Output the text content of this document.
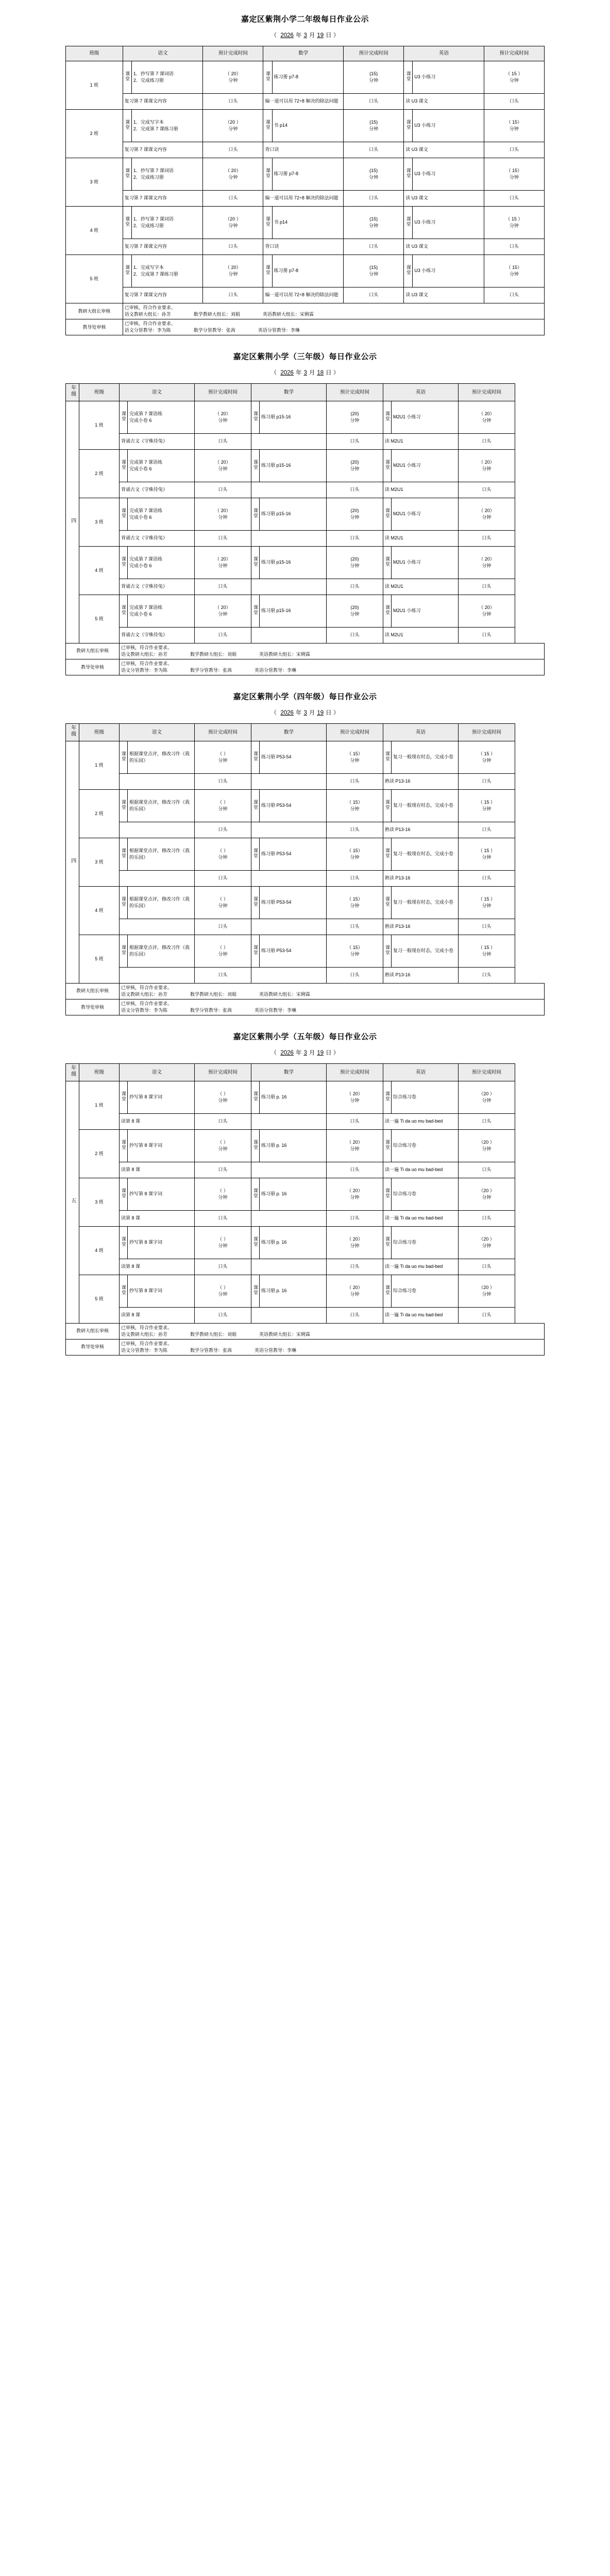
嘉定区紫荆小学二年级每日作业公示
（ 2026 年 3 月 19 日 ）
班级	语文		预计完成时间	数学		预计完成时间	英语		预计完成时间
1 班	课堂	1．抄写第 7 课词语
2．完成练习册	（ 20）
分钟	课堂	练习册 p7-8	(15)
分钟	课堂	U3 小练习	（ 15 ）
分钟
	复习第 7 课课文内容		口头	编一道可以用 72÷8 解决的除法问题		口头	读 U3 课文		口头
2 班	课堂	1．完成写字本
2．完成第 7 课练习册	（20 ）
分钟	课堂	书 p14	(15)
分钟	课堂	U3 小练习	（ 15）
分钟
	复习第 7 课课文内容		口头	背口诀		口头	读 U3 课文		口头
3 班	课堂	1．抄写第 7 课词语
2．完成练习册	（ 20）
分钟	课堂	练习册 p7-8	(15)
分钟	课堂	U3 小练习	（ 15）
分钟
	复习第 7 课课文内容		口头	编一道可以用 72÷8 解决的除法问题		口头	读 U3 课文		口头
4 班	课堂	1．抄写第 7 课词语
2．完成练习册	（20 ）
分钟	课堂	书 p14	(15)
分钟	课堂	U3 小练习	（ 15 ）
分钟
	复习第 7 课课文内容		口头	背口诀		口头	读 U3 课文		口头
5 班	课堂	1．完成写字本
2．完成第 7 课练习册	（ 20）
分钟	课堂	练习册 p7-8	(15)
分钟	课堂	U3 小练习	（ 15）
分钟
	复习第 7 课课文内容		口头	编一道可以用 72÷8 解决的除法问题		口头	读 U3 课文		口头
教研大组长审核	已审核，符合作业要求。
语文教研大组长：孙芳 数学教研大组长：刘娟 英语教研大组长：宋俐霖								

教导处审核	已审核，符合作业要求。
语文分管教导：李为陈 数学分管教导：张茜 英语分管教导：李琳								
嘉定区紫荆小学（三年级）每日作业公示
（ 2026 年 3 月 18 日 ）
年级	班级	语文		预计完成时间	数学		预计完成时间	英语		预计完成时间
四	1 班	课堂	完成第 7 课语练
完成小卷 6	（ 20）
分钟	课堂	练习册 p15-16	(20)
分钟	课堂	M2U1 小练习	（ 20）
分钟
		背诵古文《守株待兔》		口头			口头	读 M2U1		口头
	2 班	课堂	完成第 7 课语练
完成小卷 6	（ 20）
分钟	课堂	练习册 p15-16	(20)
分钟	课堂	M2U1 小练习	（ 20）
分钟
		背诵古文《守株待兔》		口头			口头	读 M2U1		口头
	3 班	课堂	完成第 7 课语练
完成小卷 6	（ 20）
分钟	课堂	练习册 p15-16	(20)
分钟	课堂	M2U1 小练习	（ 20）
分钟
		背诵古文《守株待兔》		口头			口头	读 M2U1		口头
	4 班	课堂	完成第 7 课语练
完成小卷 6	（ 20）
分钟	课堂	练习册 p15-16	(20)
分钟	课堂	M2U1 小练习	（ 20）
分钟
		背诵古文《守株待兔》		口头			口头	读 M2U1		口头
	5 班	课堂	完成第 7 课语练
完成小卷 6	（ 20）
分钟	课堂	练习册 p15-16	(20)
分钟	课堂	M2U1 小练习	（ 20）
分钟
		背诵古文《守株待兔》		口头			口头	读 M2U1		口头
教研大组长审核		已审核，符合作业要求。
语文教研大组长：孙芳 数学教研大组长：刘娟 英语教研大组长：宋俐霖								

教导处审核		已审核，符合作业要求。
语文分管教导：李为陈 数学分管教导：张茜 英语分管教导：李琳								
嘉定区紫荆小学（四年级）每日作业公示
（ 2026 年 3 月 19 日 ）
年级	班级	语文		预计完成时间	数学		预计完成时间	英语		预计完成时间
四	1 班	课堂	根据课堂点评，修改习作《我的乐园》	（ ）
分钟	课堂	练习册 P53-54	（ 15）
分钟	课堂	复习一般现在时态，完成小卷	（ 15 ）
分钟
				口头			口头	熟读 P13-16		口头
	2 班	课堂	根据课堂点评，修改习作《我的乐园》	（ ）
分钟	课堂	练习册 P53-54	（ 15）
分钟	课堂	复习一般现在时态，完成小卷	（ 15 ）
分钟
				口头			口头	熟读 P13-16		口头
	3 班	课堂	根据课堂点评，修改习作《我的乐园》	（ ）
分钟	课堂	练习册 P53-54	（ 15）
分钟	课堂	复习一般现在时态，完成小卷	（ 15 ）
分钟
				口头			口头	熟读 P13-16		口头
	4 班	课堂	根据课堂点评，修改习作《我的乐园》	（ ）
分钟	课堂	练习册 P53-54	（ 15）
分钟	课堂	复习一般现在时态，完成小卷	（ 15 ）
分钟
				口头			口头	熟读 P13-16		口头
	5 班	课堂	根据课堂点评，修改习作《我的乐园》	（ ）
分钟	课堂	练习册 P53-54	（ 15）
分钟	课堂	复习一般现在时态，完成小卷	（ 15 ）
分钟
				口头			口头	熟读 P13-16		口头
教研大组长审核		已审核，符合作业要求。
语文教研大组长：孙芳 数学教研大组长：刘娟 英语教研大组长：宋俐霖								

教导处审核		已审核，符合作业要求。
语文分管教导：李为陈 数学分管教导：张茜 英语分管教导：李琳								
嘉定区紫荆小学（五年级）每日作业公示
（ 2026 年 3 月 19 日 ）
年级	班级	语文		预计完成时间	数学		预计完成时间	英语		预计完成时间
五	1 班	课堂	抄写第 8 课字词	（ ）
分钟	课堂	练习册 p. 16	（ 20）
分钟	课堂	综合练习卷	（20 ）
分钟
		读第 8 课		口头			口头	读一遍 Ti da uo mu bad-bed		口头
	2 班	课堂	抄写第 8 课字词	（ ）
分钟	课堂	练习册 p. 16	（ 20）
分钟	课堂	综合练习卷	（20 ）
分钟
		读第 8 课		口头			口头	读一遍 Ti da uo mu bad-bed		口头
	3 班	课堂	抄写第 8 课字词	（ ）
分钟	课堂	练习册 p. 16	（ 20）
分钟	课堂	综合练习卷	（20 ）
分钟
		读第 8 课		口头			口头	读一遍 Ti da uo mu bad-bed		口头
	4 班	课堂	抄写第 8 课字词	（ ）
分钟	课堂	练习册 p. 16	（ 20）
分钟	课堂	综合练习卷	（20 ）
分钟
		读第 8 课		口头			口头	读一遍 Ti da uo mu bad-bed		口头
	5 班	课堂	抄写第 8 课字词	（ ）
分钟	课堂	练习册 p. 16	（ 20）
分钟	课堂	综合练习卷	（20 ）
分钟
		读第 8 课		口头			口头	读一遍 Ti da uo mu bad-bed		口头
教研大组长审核		已审核，符合作业要求。
语文教研大组长：孙芳 数学教研大组长：刘娟 英语教研大组长：宋俐霖								

教导处审核		已审核，符合作业要求。
语文分管教导：李为陈 数学分管教导：张茜 英语分管教导：李琳								
